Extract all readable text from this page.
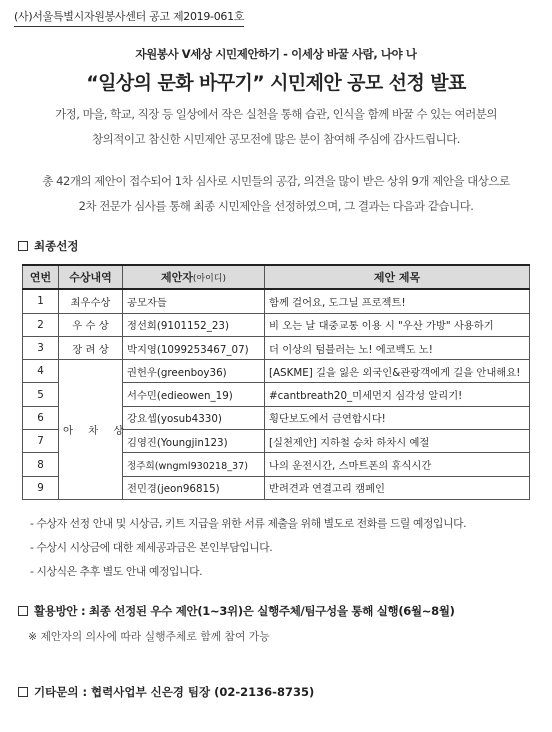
(사)서울특별시자원봉사센터 공고 제2019-061호
자원봉사 V세상 시민제안하기 - 이세상 바꿀 사람, 나야 나
“일상의 문화 바꾸기” 시민제안 공모 선정 발표
가정, 마을, 학교, 직장 등 일상에서 작은 실천을 통해 습관, 인식을 함께 바꿀 수 있는 여러분의
창의적이고 참신한 시민제안 공모전에 많은 분이 참여해 주심에 감사드립니다.
총 42개의 제안이 접수되어 1차 심사로 시민들의 공감, 의견을 많이 받은 상위 9개 제안을 대상으로
2차 전문가 심사를 통해 최종 시민제안을 선정하였으며, 그 결과는 다음과 같습니다.
최종선정
연번	수상내역	제안자(아이디)	제안 제목
1	최우수상	공모자들	함께 걸어요, 도그닐 프로젝트!
2	우 수 상	정선희(9101152_23)	비 오는 날 대중교통 이용 시 "우산 가방" 사용하기
3	장 려 상	박지영(1099253467_07)	더 이상의 텀블러는 노! 에코백도 노!
4	아 차 상	권헌우(greenboy36)	[ASKME] 길을 잃은 외국인&관광객에게 길을 안내해요!
5		서수민(edieowen_19)	#cantbreath20_미세먼지 심각성 알리기!
6		강요셉(yosub4330)	횡단보도에서 금연합시다!
7		김영진(Youngjin123)	[실천제안] 지하철 승차 하차시 예절
8		정주희(wngml930218_37)	나의 운전시간, 스마트폰의 휴식시간
9		전민경(jeon96815)	반려견과 연결고리 캠페인
- 수상자 선정 안내 및 시상금, 키트 지급을 위한 서류 제출을 위해 별도로 전화를 드릴 예정입니다.
- 수상시 시상금에 대한 제세공과금은 본인부담입니다.
- 시상식은 추후 별도 안내 예정입니다.
활용방안 : 최종 선정된 우수 제안(1~3위)은 실행주체/팀구성을 통해 실행(6월~8월)
※ 제안자의 의사에 따라 실행주체로 함께 참여 가능
기타문의 : 협력사업부 신은경 팀장 (02-2136-8735)
